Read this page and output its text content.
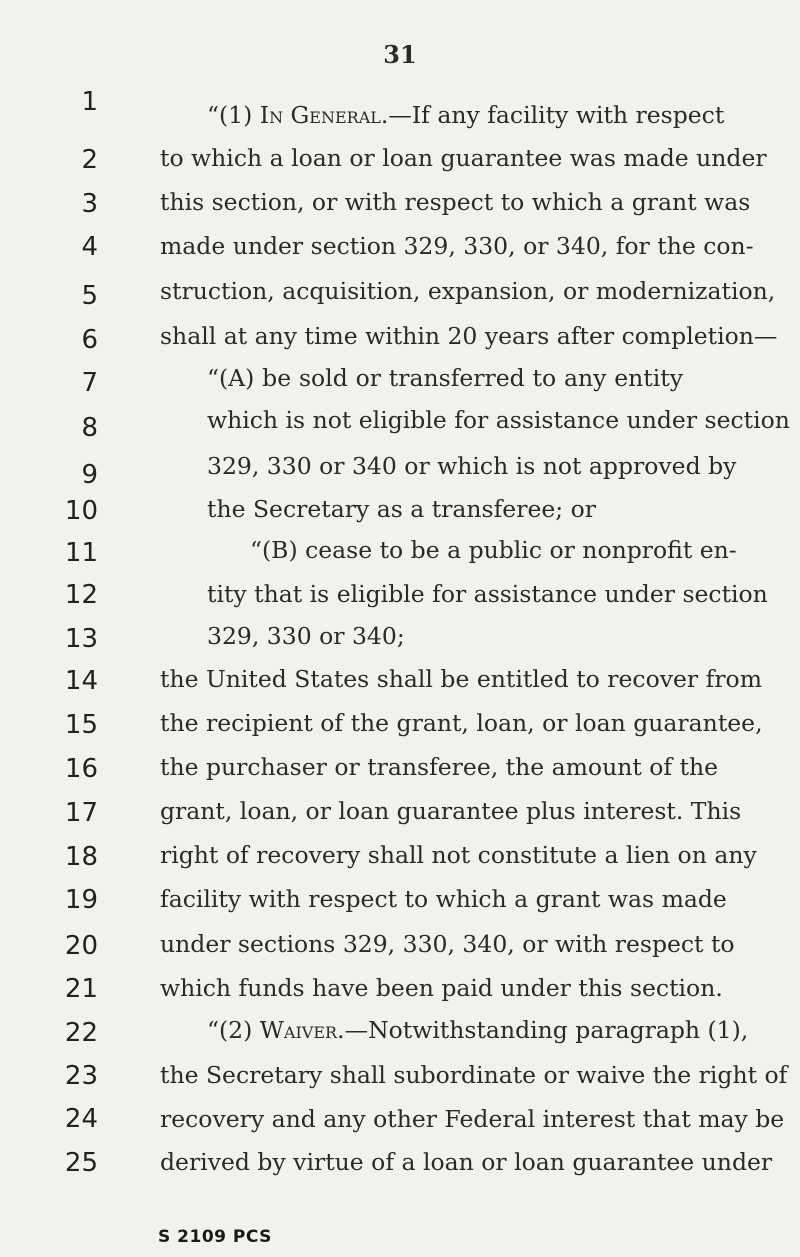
31
1
2
3
4
5
6
7
8
9
10
11
12
13
14
15
16
17
18
19
20
21
22
23
24
25
“(1) In General.—If any facility with respect
to which a loan or loan guarantee was made under
this section, or with respect to which a grant was
made under section 329, 330, or 340, for the con-
struction, acquisition, expansion, or modernization,
shall at any time within 20 years after completion—
“(A) be sold or transferred to any entity
which is not eligible for assistance under section
329, 330 or 340 or which is not approved by
the Secretary as a transferee; or
“(B) cease to be a public or nonprofit en-
tity that is eligible for assistance under section
329, 330 or 340;
the United States shall be entitled to recover from
the recipient of the grant, loan, or loan guarantee,
the purchaser or transferee, the amount of the
grant, loan, or loan guarantee plus interest. This
right of recovery shall not constitute a lien on any
facility with respect to which a grant was made
under sections 329, 330, 340, or with respect to
which funds have been paid under this section.
“(2) Waiver.—Notwithstanding paragraph (1),
the Secretary shall subordinate or waive the right of
recovery and any other Federal interest that may be
derived by virtue of a loan or loan guarantee under
S 2109 PCS
